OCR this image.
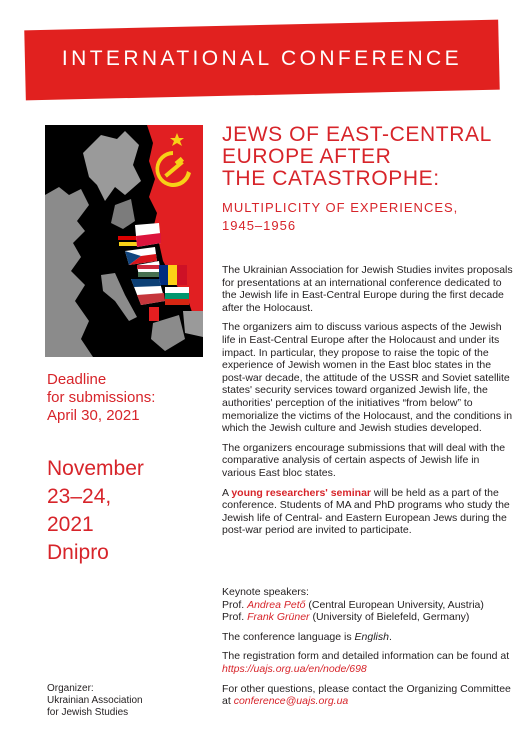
INTERNATIONAL CONFERENCE
JEWS OF EAST-CENTRAL
EUROPE AFTER
THE CATASTROPHE:
MULTIPLICITY OF EXPERIENCES,
1945–1956
Deadline
for submissions:
April 30, 2021
November
23–24,
2021
Dnipro
Organizer:
Ukrainian Association
for Jewish Studies

The Ukrainian Association for Jewish Studies invites proposals for presentations at an international conference dedicated to the Jewish life in East-Central Europe during the first decade after the Holocaust.

The organizers aim to discuss various aspects of the Jewish life in East-Central Europe after the Holocaust and under its impact. In particular, they propose to raise the topic of the experience of Jewish women in the East bloc states in the post-war decade, the attitude of the USSR and Soviet satellite states' security services toward organized Jewish life, the authorities' perception of the initiatives “from below” to memorialize the victims of the Holocaust, and the conditions in which the Jewish culture and Jewish studies developed.

The organizers encourage submissions that will deal with the comparative analysis of certain aspects of Jewish life in various East bloc states.

A young researchers' seminar will be held as a part of the conference. Students of MA and PhD programs who study the Jewish life of Central- and Eastern European Jews during the post-war period are invited to participate.

Keynote speakers:
Prof. Andrea Pető (Central European University, Austria)
Prof. Frank Grüner (University of Bielefeld, Germany)

The conference language is English.

The registration form and detailed information can be found at https://uajs.org.ua/en/node/698

For other questions, please contact the Organizing Committee at conference@uajs.org.ua
